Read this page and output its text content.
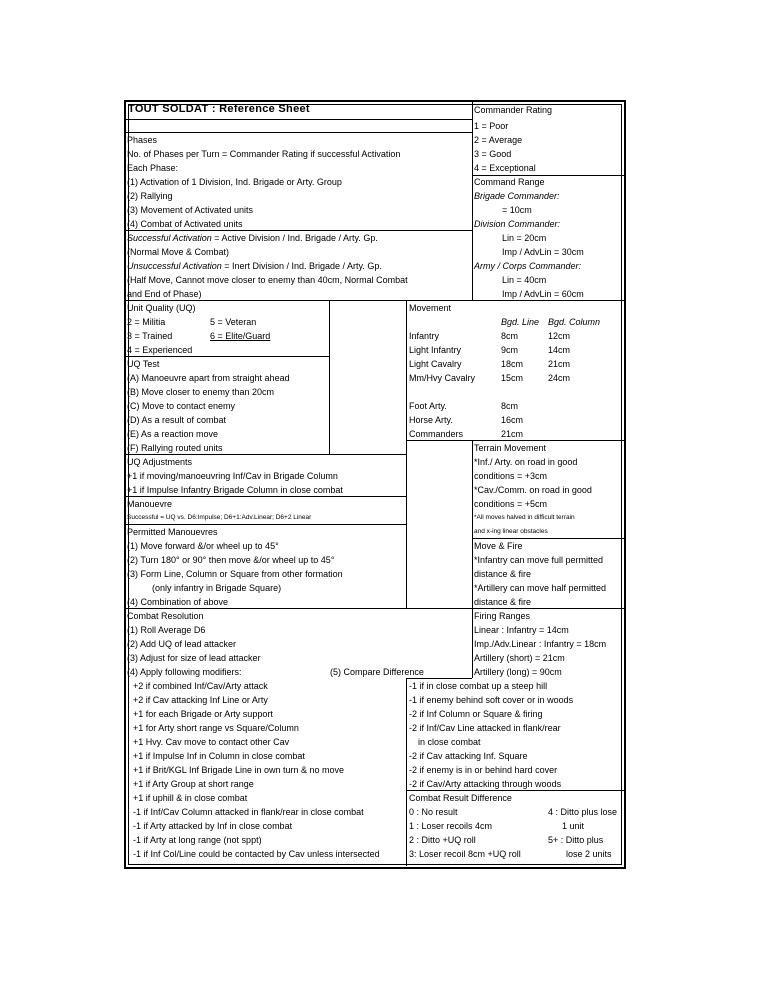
TOUT SOLDAT : Reference Sheet	Commander Rating
1 = Poor
2 = Average
3 = Good
4 = Exceptional
Phases
No. of Phases per Turn = Commander Rating if successful Activation
Each Phase:
(1) Activation of 1 Division, Ind. Brigade or Arty. Group
(2) Rallying
(3) Movement of Activated units
(4) Combat of Activated units
Successful Activation = Active Division / Ind. Brigade / Arty. Gp.
(Normal Move & Combat)
Unsuccessful Activation = Inert Division / Ind. Brigade / Arty. Gp.
(Half Move, Cannot move closer to enemy than 40cm, Normal Combat
and End of Phase)
Command Range
Brigade Commander:
= 10cm
Division Commander:
Lin = 20cm
Imp / AdvLin = 30cm
Army / Corps Commander:
Lin = 40cm
Imp / AdvLin = 60cm
Unit Quality (UQ)
2 = Militia
3 = Trained
4 = Experienced
5 = Veteran
6 = Elite/Guard
UQ Test
(A) Manoeuvre apart from straight ahead
(B) Move closer to enemy than 20cm
(C) Move to contact enemy
(D) As a result of combat
(E) As a reaction move
(F) Rallying routed units
Movement
Bgd. Line Bgd. Column
Infantry	8cm	12cm
Light Infantry	9cm	14cm
Light Cavalry	18cm	21cm
Mm/Hvy Cavalry	15cm	24cm
Foot Arty.	8cm
Horse Arty.	16cm
Commanders	21cm
Terrain Movement
*Inf./ Arty. on road in good
conditions = +3cm
*Cav./Comm. on road in good
conditions = +5cm
*All moves halved in difficult terrain
and x-ing linear obstacles
UQ Adjustments
+1 if moving/manoeuvring Inf/Cav in Brigade Column
+1 if Impulse Infantry Brigade Column in close combat
Manouevre
Successful = UQ vs. D6:Impulse; D6+1:Adv.Linear; D6+2 Linear
Permitted Manouevres
(1) Move forward &/or wheel up to 45°
(2) Turn 180° or 90° then move &/or wheel up to 45°
(3) Form Line, Column or Square from other formation
(only infantry in Brigade Square)
(4) Combination of above
Move & Fire
*Infantry can move full permitted
distance & fire
*Artillery can move half permitted
distance & fire
Combat Resolution
(1) Roll Average D6
(2) Add UQ of lead attacker
(3) Adjust for size of lead attacker
(4) Apply following modifiers:	(5) Compare Difference
+2 if combined Inf/Cav/Arty attack
+2 if Cav attacking Inf Line or Arty
+1 for each Brigade or Arty support
+1 for Arty short range vs Square/Column
+1 Hvy. Cav move to contact other Cav
+1 if Impulse Inf in Column in close combat
+1 if Brit/KGL Inf Brigade Line in own turn & no move
+1 if Arty Group at short range
+1 if uphill & in close combat
-1 if Inf/Cav Column attacked in flank/rear in close combat
-1 if Arty attacked by Inf in close combat
-1 if Arty at long range (not sppt)
-1 if Inf Col/Line could be contacted by Cav unless intersected
-1 if in close combat up a steep hill
-1 if enemy behind soft cover or in woods
-2 if Inf Column or Square & firing
-2 if Inf/Cav Line attacked in flank/rear
in close combat
-2 if Cav attacking Inf. Square
-2 if enemy is in or behind hard cover
-2 if Cav/Arty attacking through woods
Firing Ranges
Linear : Infantry = 14cm
Imp./Adv.Linear : Infantry = 18cm
Artillery (short) = 21cm
Artillery (long) = 90cm
Combat Result Difference
0 : No result
1 : Loser recoils 4cm
2 : Ditto +UQ roll
3: Loser recoil 8cm +UQ roll
4 : Ditto plus lose
1 unit
5+ : Ditto plus
lose 2 units
